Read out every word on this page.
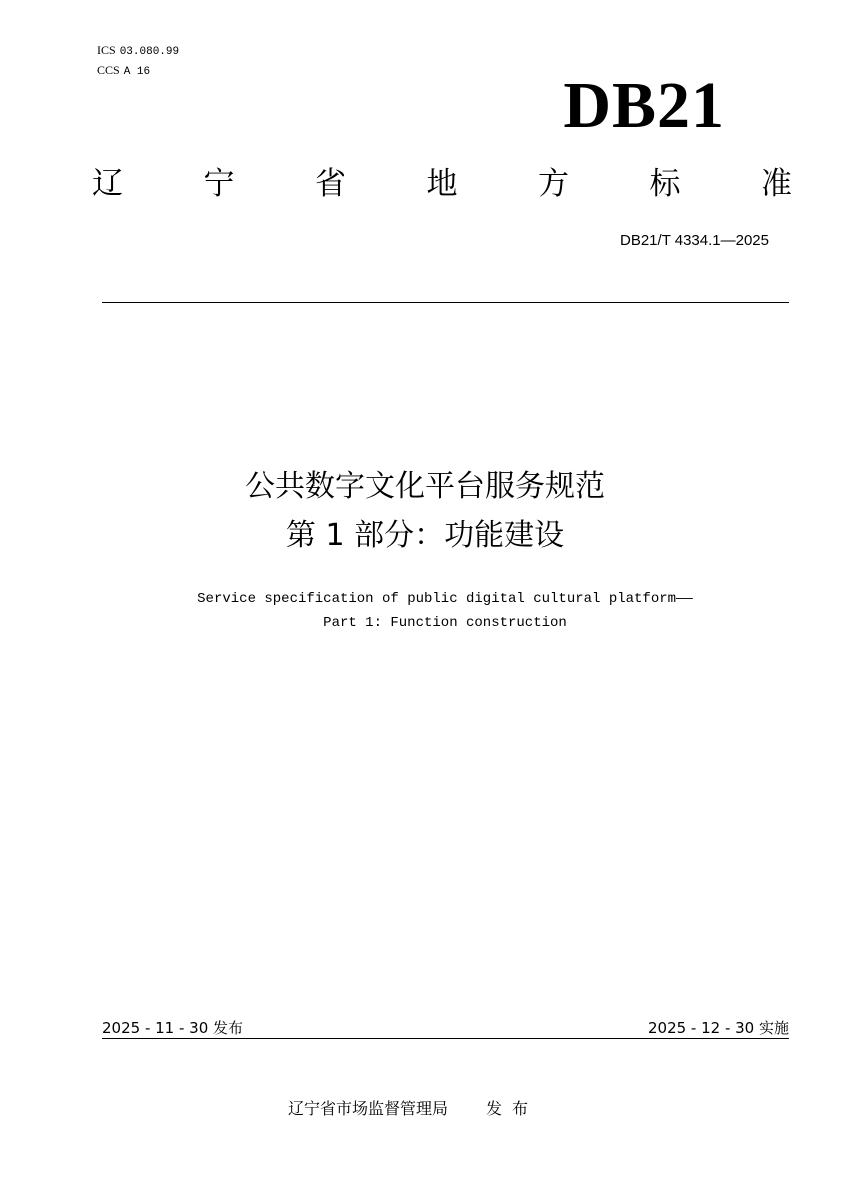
ICS 03.080.99
CCS A 16	DB21
辽	宁	省	地	方	标	准
DB21/T 4334.1—2025
公共数字文化平台服务规范
第 1 部分：功能建设
Service specification of public digital cultural platform——
Part 1: Function construction
2025 - 11 - 30 发布	2025 - 12 - 30 实施
辽宁省市场监督管理局 发布
